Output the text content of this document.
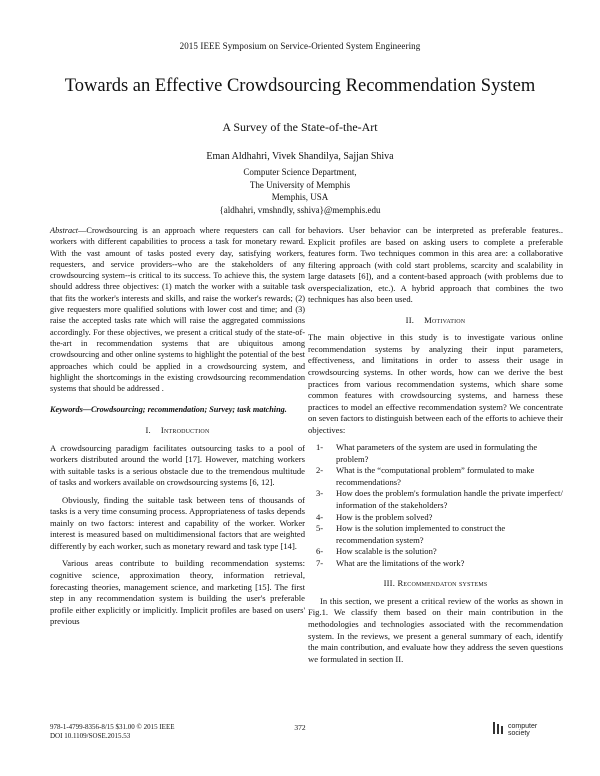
2015 IEEE Symposium on Service-Oriented System Engineering
Towards an Effective Crowdsourcing Recommendation System
A Survey of the State-of-the-Art
Eman Aldhahri, Vivek Shandilya, Sajjan Shiva
Computer Science Department,
The University of Memphis
Memphis, USA
{aldhahri, vmshndly, sshiva}@memphis.edu

Abstract—Crowdsourcing is an approach where requesters can call for workers with different capabilities to process a task for monetary reward. With the vast amount of tasks posted every day, satisfying workers, requesters, and service providers--who are the stakeholders of any crowdsourcing system--is critical to its success. To achieve this, the system should address three objectives: (1) match the worker with a suitable task that fits the worker's interests and skills, and raise the worker's rewards; (2) give requesters more qualified solutions with lower cost and time; and (3) raise the accepted tasks rate which will raise the aggregated commissions accordingly. For these objectives, we present a critical study of the state-of-the-art in recommendation systems that are ubiquitous among crowdsourcing and other online systems to highlight the potential of the best approaches which could be applied in a crowdsourcing system, and highlight the shortcomings in the existing crowdsourcing recommendation systems that should be addressed .

Keywords—Crowdsourcing; recommendation; Survey; task matching.

I. Introduction

A crowdsourcing paradigm facilitates outsourcing tasks to a pool of workers distributed around the world [17]. However, matching workers with suitable tasks is a serious obstacle due to the tremendous multitude of tasks and workers available on crowdsourcing systems [6, 12].

Obviously, finding the suitable task between tens of thousands of tasks is a very time consuming process. Appropriateness of tasks depends mainly on two factors: interest and capability of the worker. Worker interest is measured based on multidimensional factors that are weighted differently by each worker, such as monetary reward and task type [14].

Various areas contribute to building recommendation systems: cognitive science, approximation theory, information retrieval, forecasting theories, management science, and marketing [15]. The first step in any recommendation system is building the user's preferable profile either explicitly or implicitly. Implicit profiles are based on users' previous

behaviors. User behavior can be interpreted as preferable features.. Explicit profiles are based on asking users to complete a preferable features form. Two techniques common in this area are: a collaborative filtering approach (with cold start problems, scarcity and scalability in large datasets [6]), and a content-based approach (with problems due to overspecialization, etc.). A hybrid approach that combines the two techniques has also been used.

II. Motivation

The main objective in this study is to investigate various online recommendation systems by analyzing their input parameters, effectiveness, and limitations in order to assess their usage in crowdsourcing systems. In other words, how can we derive the best practices from various recommendation systems, which share some common features with crowdsourcing systems, and harness these practices to model an effective recommendation system? We concentrate on seven factors to distinguish between each of the efforts to achieve their objectives:

1- What parameters of the system are used in formulating the problem?
2- What is the “computational problem” formulated to make recommendations?
3- How does the problem's formulation handle the private imperfect/ information of the stakeholders?
4- How is the problem solved?
5- How is the solution implemented to construct the recommendation system?
6- How scalable is the solution?
7- What are the limitations of the work?
III. Recommendaton systems

In this section, we present a critical review of the works as shown in Fig.1. We classify them based on their main contribution in the methodologies and technologies associated with the recommendation system. In the reviews, we present a general summary of each, identify the main contribution, and evaluate how they address the seven questions we formulated in section II.

978-1-4799-8356-8/15 $31.00 © 2015 IEEE
DOI 10.1109/SOSE.2015.53
372	computer
society
